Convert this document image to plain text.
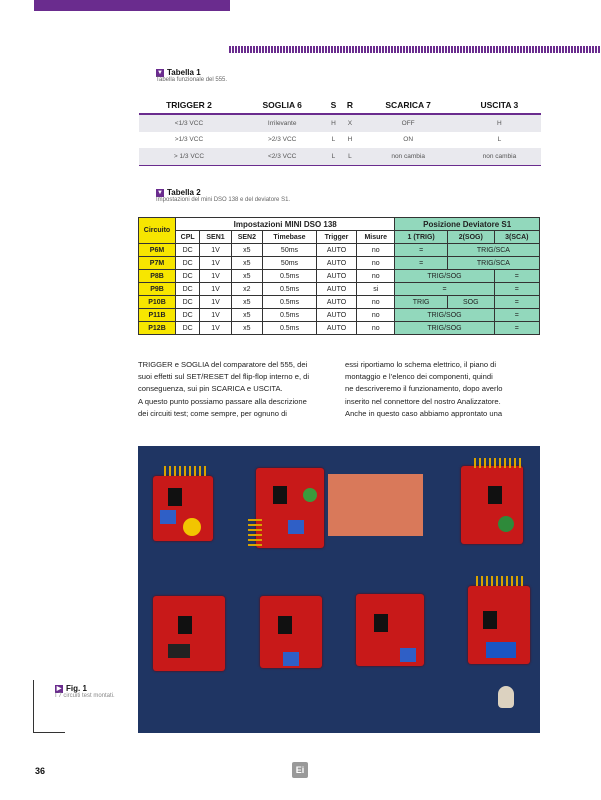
▼ Tabella 1
Tabella funzionale del 555.
TRIGGER 2	SOGLIA 6	S	R	SCARICA 7	USCITA 3
<1/3 VCC	Irrilevante	H	X	OFF	H
>1/3 VCC	>2/3 VCC	L	H	ON	L
> 1/3 VCC	<2/3 VCC	L	L	non cambia	non cambia
▼ Tabella 2
Impostazioni del mini DSO 138 e del deviatore S1.
Circuito	Impostazioni MINI DSO 138						Posizione Deviatore S1		
	CPL	SEN1	SEN2	Timebase	Trigger	Misure	1 (TRIG)	2(SOG)	3(SCA)
P6M	DC	1V	x5	50ms	AUTO	no	=	TRIG/SCA	
P7M	DC	1V	x5	50ms	AUTO	no	=	TRIG/SCA	
P8B	DC	1V	x5	0.5ms	AUTO	no	TRIG/SOG		=
P9B	DC	1V	x2	0.5ms	AUTO	si	=		=
P10B	DC	1V	x5	0.5ms	AUTO	no	TRIG	SOG	=
P11B	DC	1V	x5	0.5ms	AUTO	no	TRIG/SOG		=
P12B	DC	1V	x5	0.5ms	AUTO	no	TRIG/SOG		=
TRIGGER e SOGLIA del comparatore del 555, dei
suoi effetti sul SET/RESET del flip-flop interno e, di
conseguenza, sui pin SCARICA e USCITA.
A questo punto possiamo passare alla descrizione
dei circuiti test; come sempre, per ognuno di
essi riportiamo lo schema elettrico, il piano di
montaggio e l’elenco dei componenti, quindi
ne descriveremo il funzionamento, dopo averlo
inserito nel connettore del nostro Analizzatore.
Anche in questo caso abbiamo approntato una
▶ Fig. 1
I 7 circuiti test montati.
36	Ei
